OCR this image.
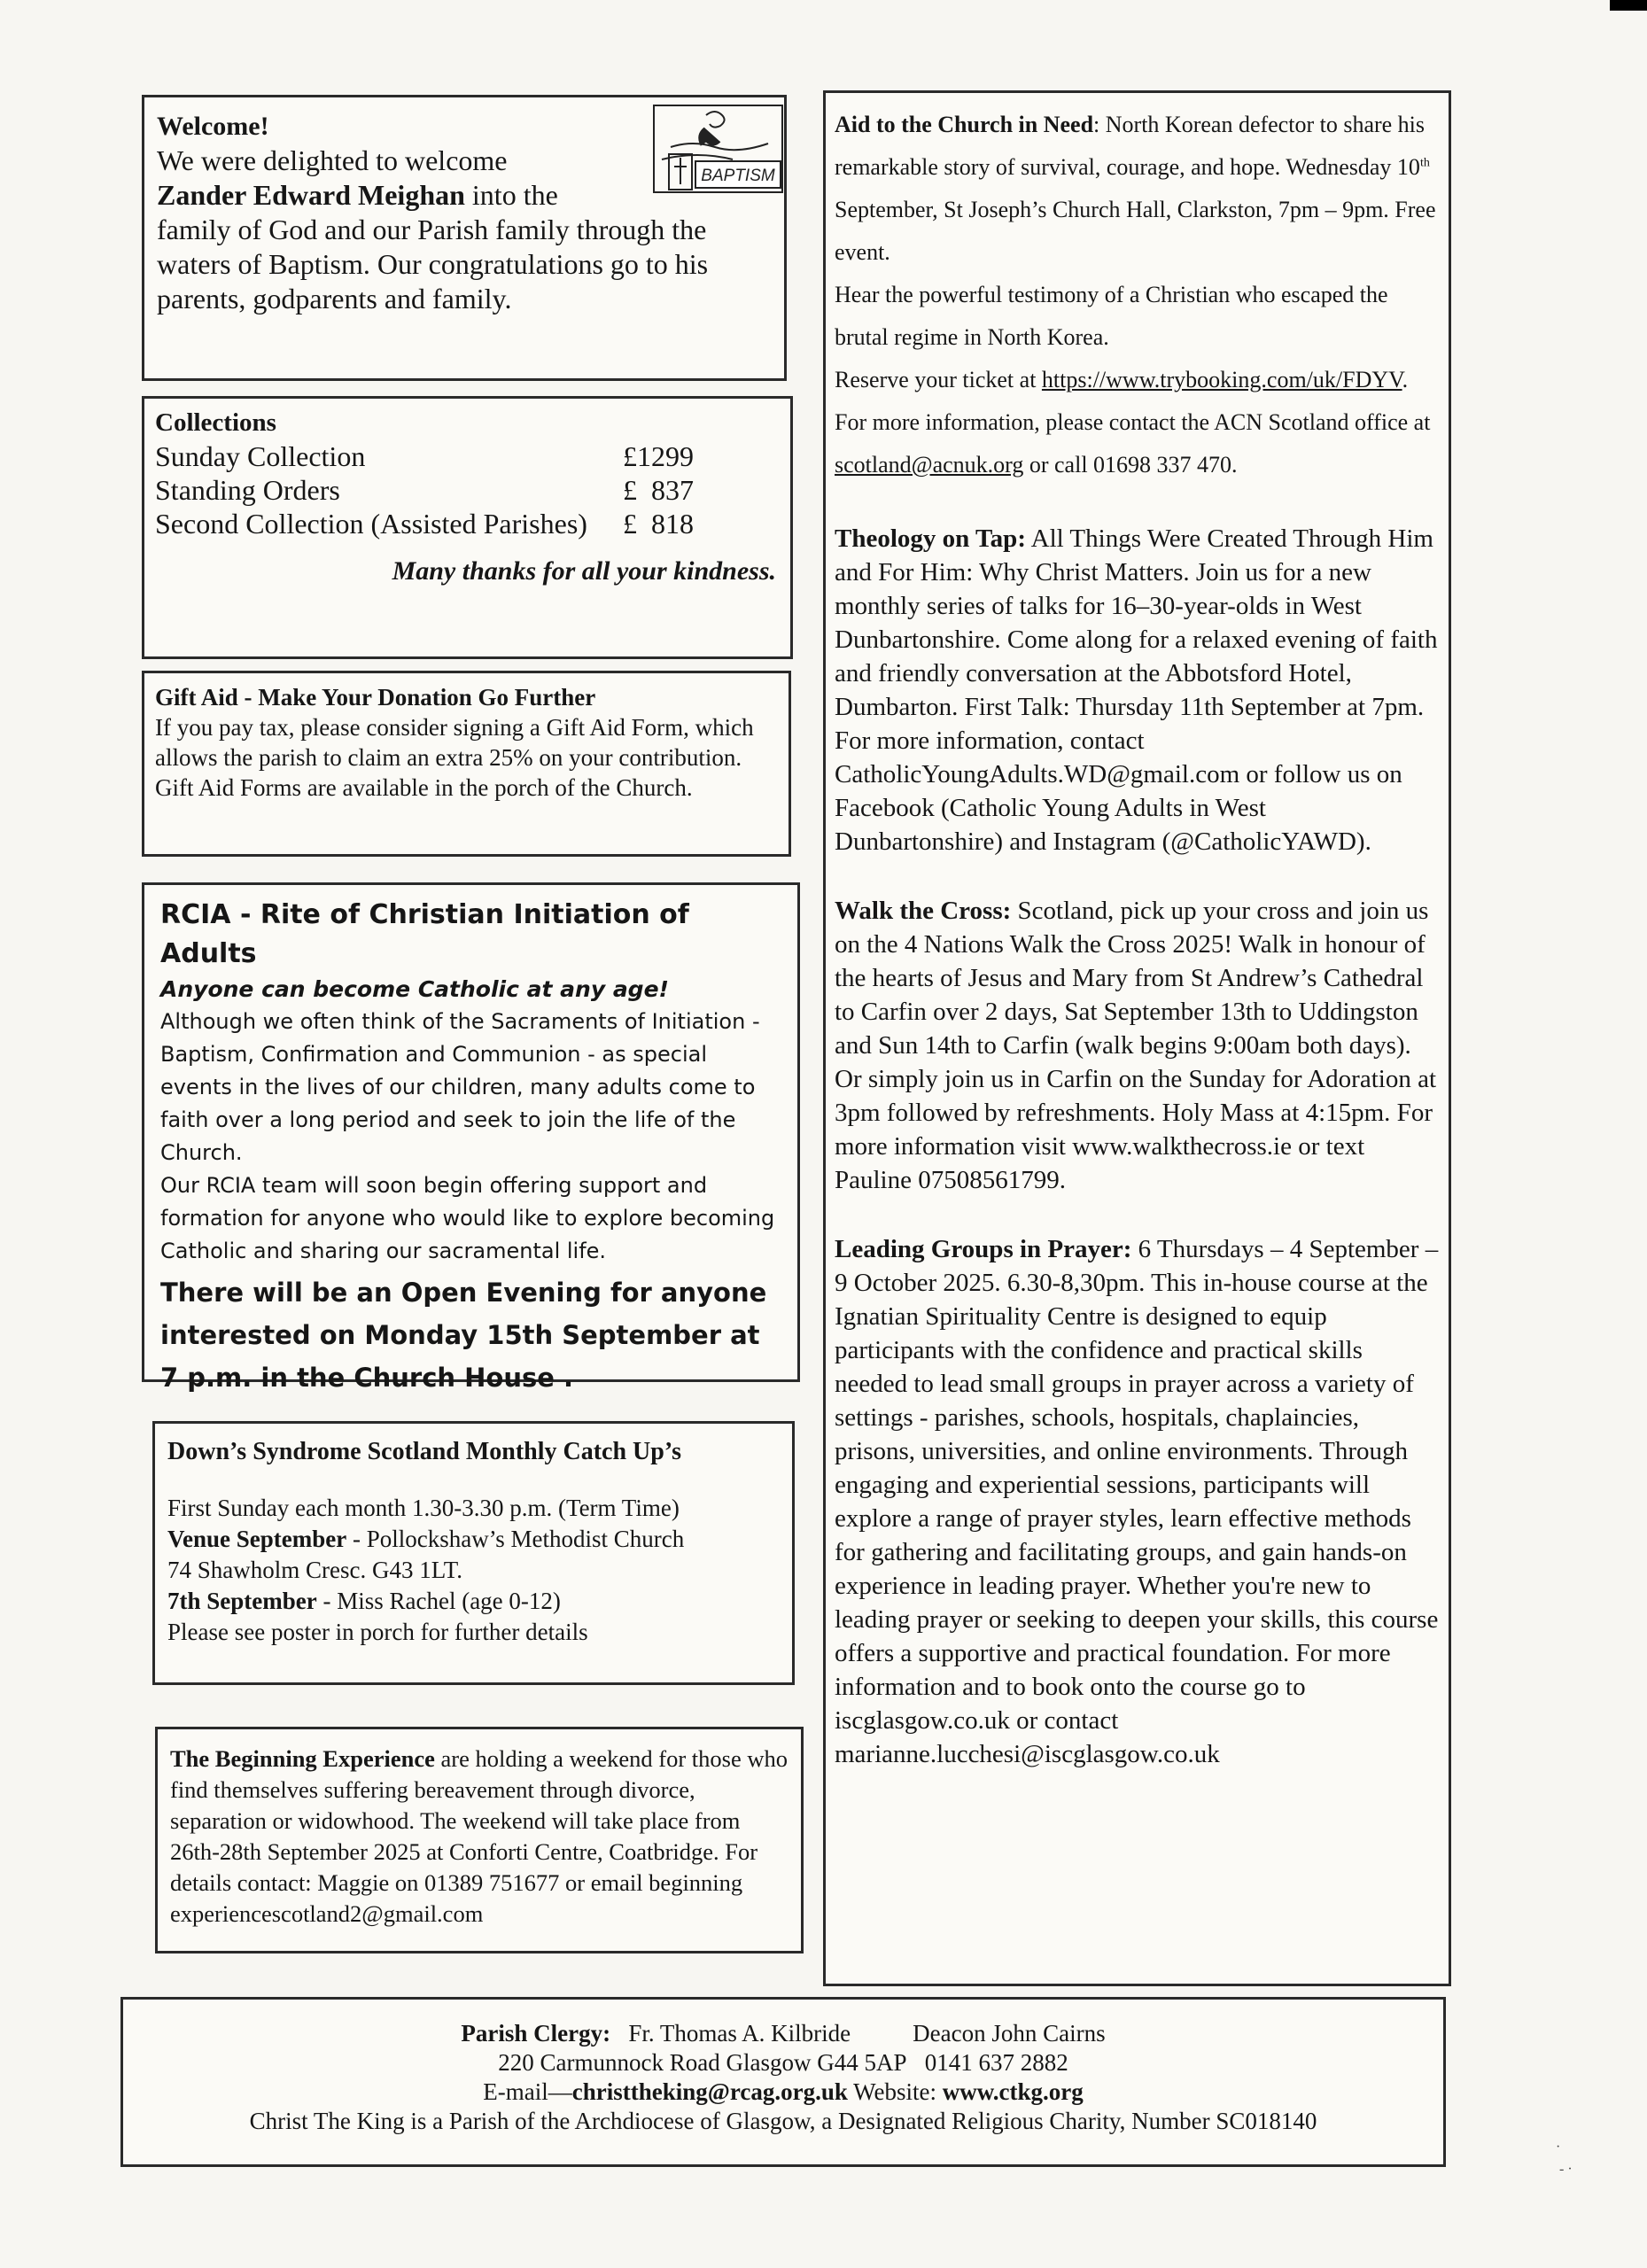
BAPTISM

Welcome!

We were delighted to welcome
Zander Edward Meighan into the
family of God and our Parish family through the waters of Baptism. Our congratulations go to his parents, godparents and family.

Collections

Sunday Collection	£1299
Standing Orders	£  837
Second Collection (Assisted Parishes)	£  818

Many thanks for all your kindness.

Gift Aid - Make Your Donation Go Further

If you pay tax, please consider signing a Gift Aid Form, which allows the parish to claim an extra 25% on your contribution. Gift Aid Forms are available in the porch of the Church.

RCIA - Rite of Christian Initiation of Adults

Anyone can become Catholic at any age!

Although we often think of the Sacraments of Initiation - Baptism, Confirmation and Communion - as special events in the lives of our children, many adults come to faith over a long period and seek to join the life of the Church.

Our RCIA team will soon begin offering support and formation for anyone who would like to explore becoming Catholic and sharing our sacramental life.

There will be an Open Evening for anyone interested on Monday 15th September at 7 p.m. in the Church House .

Down’s Syndrome Scotland Monthly Catch Up’s

First Sunday each month 1.30-3.30 p.m. (Term Time)
Venue September - Pollockshaw’s Methodist Church
74 Shawholm Cresc. G43 1LT.
7th September - Miss Rachel (age 0-12)
Please see poster in porch for further details

The Beginning Experience are holding a weekend for those who find themselves suffering bereavement through divorce, separation or widowhood. The weekend will take place from 26th-28th September 2025 at Conforti Centre, Coatbridge. For details contact: Maggie on 01389 751677 or email beginning experiencescotland2@gmail.com

Aid to the Church in Need: North Korean defector to share his remarkable story of survival, courage, and hope. Wednesday 10th September, St Joseph’s Church Hall, Clarkston, 7pm – 9pm. Free event.
Hear the powerful testimony of a Christian who escaped the brutal regime in North Korea.
Reserve your ticket at https://www.trybooking.com/uk/FDYV. For more information, please contact the ACN Scotland office at scotland@acnuk.org or call 01698 337 470.

Theology on Tap: All Things Were Created Through Him and For Him: Why Christ Matters. Join us for a new monthly series of talks for 16–30-year-olds in West Dunbartonshire. Come along for a relaxed evening of faith and friendly conversation at the Abbotsford Hotel, Dumbarton. First Talk: Thursday 11th September at 7pm. For more information, contact CatholicYoungAdults.WD@gmail.com or follow us on Facebook (Catholic Young Adults in West Dunbartonshire) and Instagram (@CatholicYAWD).

Walk the Cross: Scotland, pick up your cross and join us on the 4 Nations Walk the Cross 2025! Walk in honour of the hearts of Jesus and Mary from St Andrew’s Cathedral to Carfin over 2 days, Sat September 13th to Uddingston and Sun 14th to Carfin (walk begins 9:00am both days). Or simply join us in Carfin on the Sunday for Adoration at 3pm followed by refreshments. Holy Mass at 4:15pm. For more information visit www.walkthecross.ie or text Pauline 07508561799.

Leading Groups in Prayer: 6 Thursdays – 4 September – 9 October 2025. 6.30-8,30pm. This in-house course at the Ignatian Spirituality Centre is designed to equip participants with the confidence and practical skills needed to lead small groups in prayer across a variety of settings - parishes, schools, hospitals, chaplaincies, prisons, universities, and online environments. Through engaging and experiential sessions, participants will explore a range of prayer styles, learn effective methods for gathering and facilitating groups, and gain hands-on experience in leading prayer. Whether you're new to leading prayer or seeking to deepen your skills, this course offers a supportive and practical foundation. For more information and to book onto the course go to iscglasgow.co.uk or contact marianne.lucchesi@iscglasgow.co.uk

Parish Clergy: Fr. Thomas A. Kilbride	Deacon John Cairns

220 Carmunnock Road Glasgow G44 5AP 0141 637 2882

E-mail—christtheking@rcag.org.uk Website: www.ctkg.org

Christ The King is a Parish of the Archdiocese of Glasgow, a Designated Religious Charity, Number SC018140

·
- ·
